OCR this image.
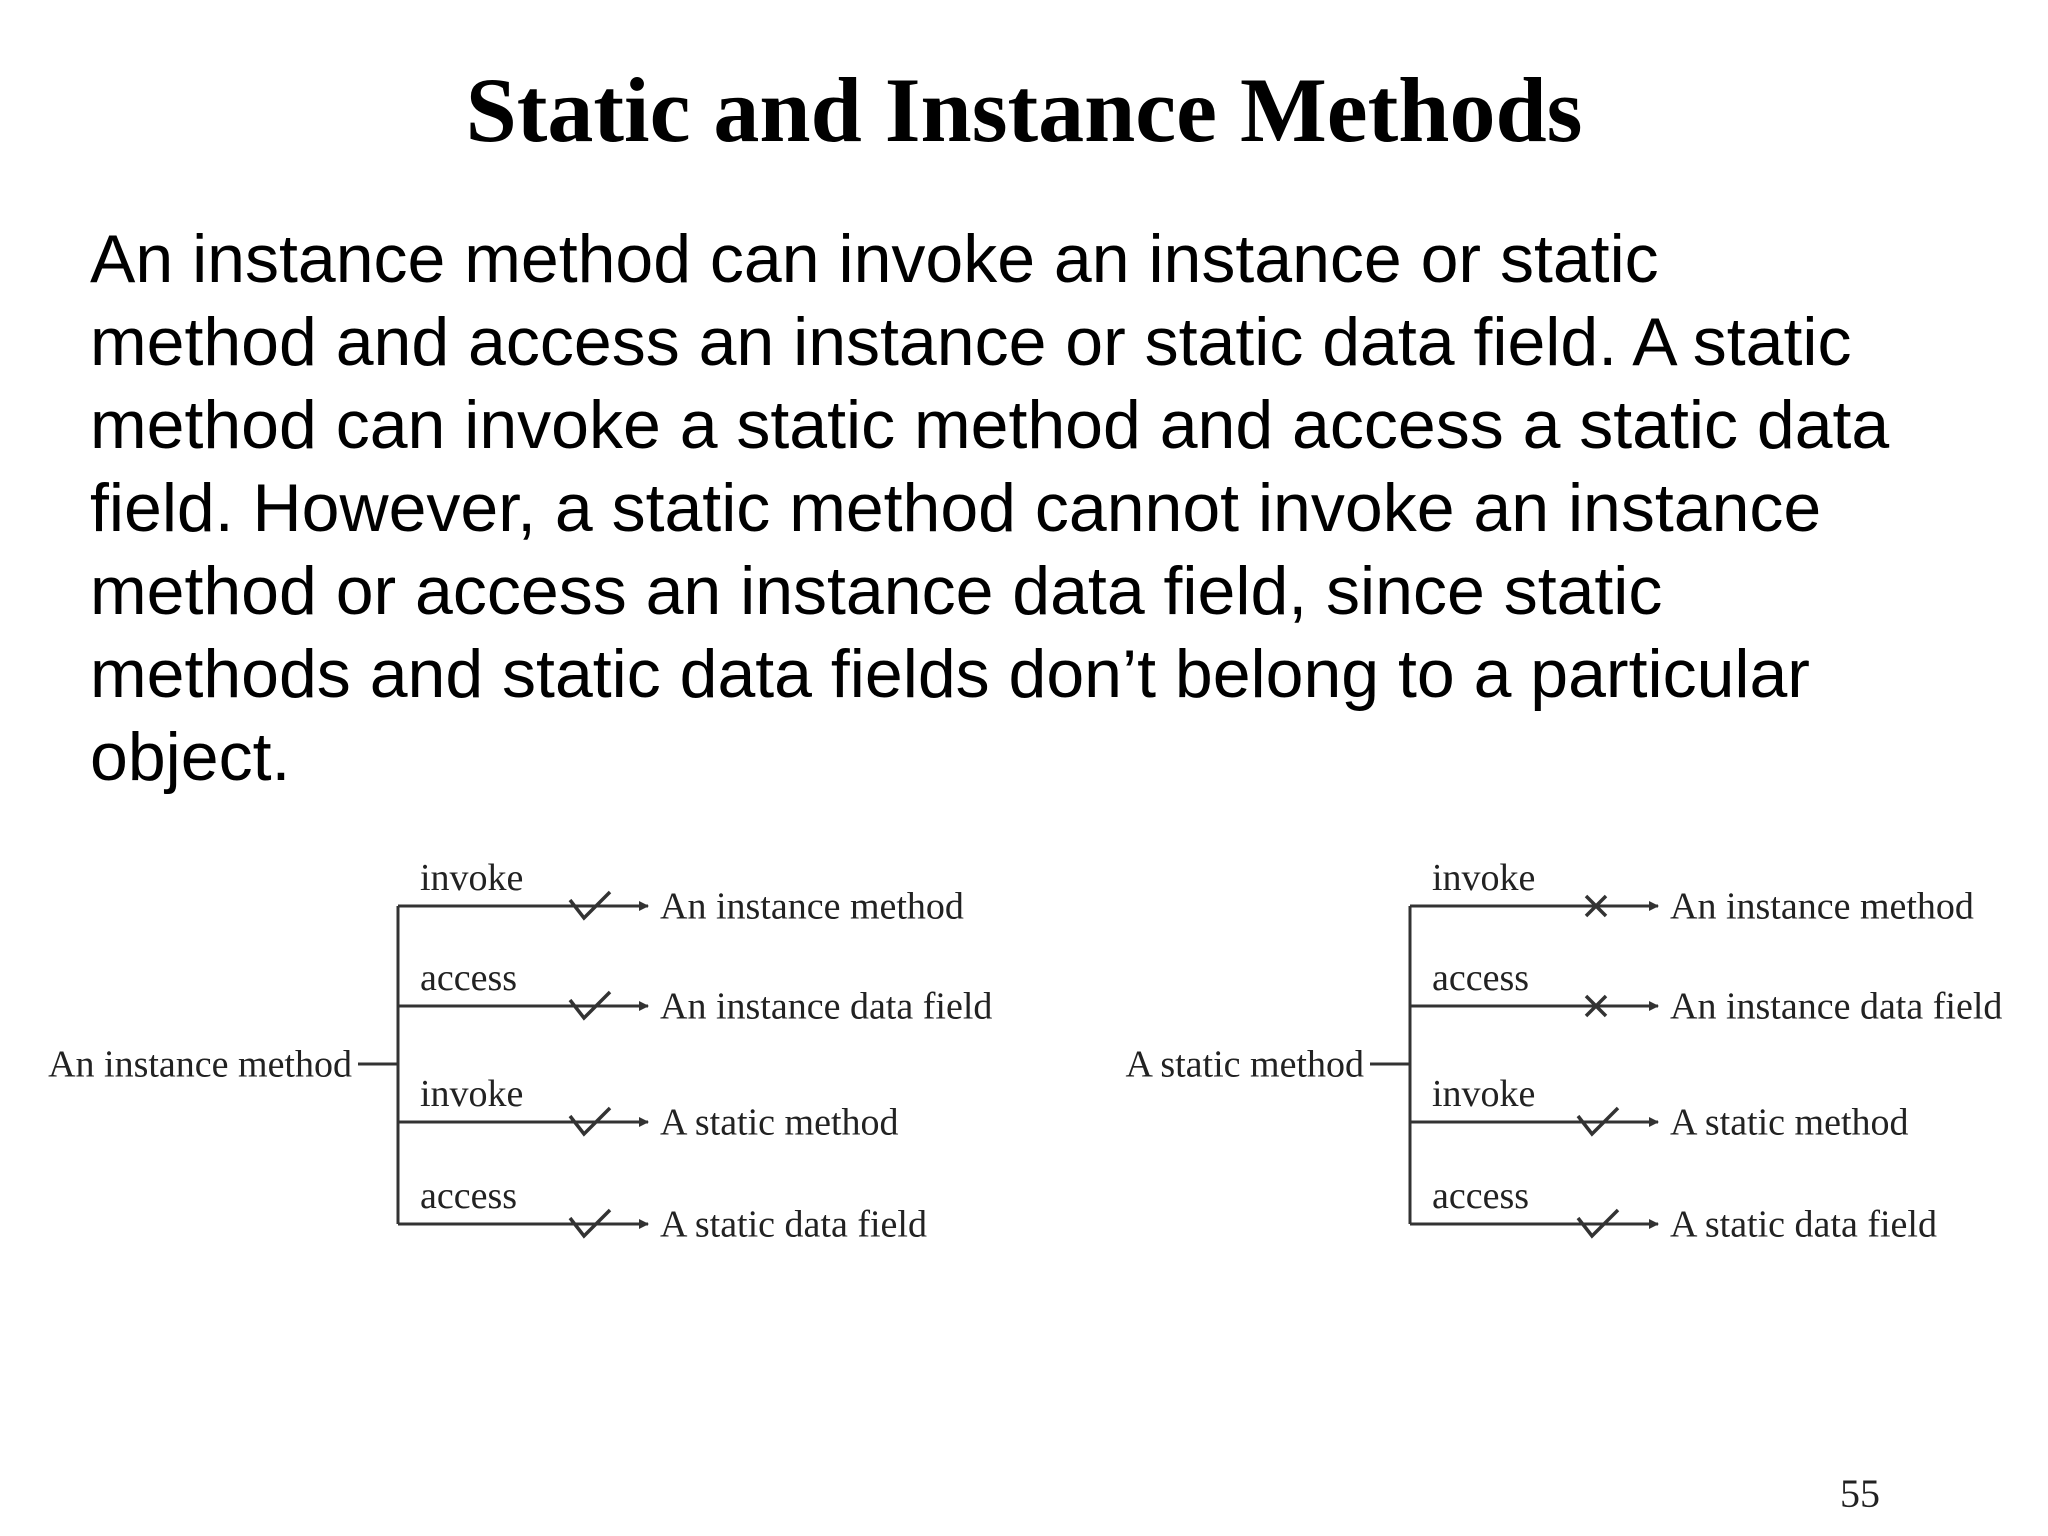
Static and Instance Methods

An instance method can invoke an instance or static
method and access an instance or static data field. A static
method can invoke a static method and access a static data
field. However, a static method cannot invoke an instance
method or access an instance data field, since static
methods and static data fields don’t belong to a particular
object.

An instance method
invoke
An instance method
access
An instance data field
invoke
A static method
access
A static data field
A static method
invoke
An instance method
access
An instance data field
invoke
A static method
access
A static data field
55
